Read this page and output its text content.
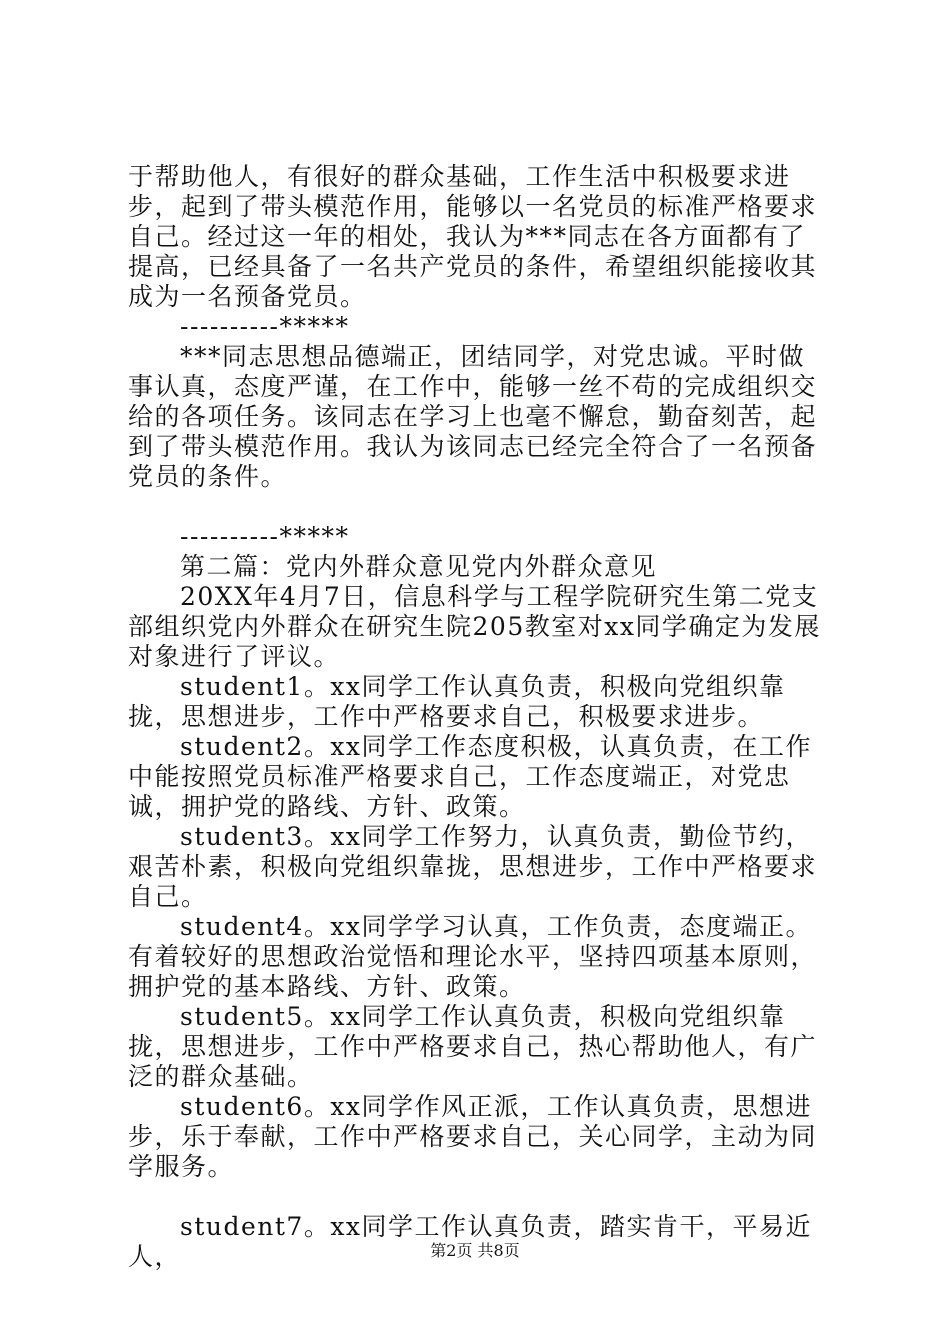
于帮助他人，有很好的群众基础，工作生活中积极要求进步，起到了带头模范作用，能够以一名党员的标准严格要求自己。经过这一年的相处，我认为***同志在各方面都有了提高，已经具备了一名共产党员的条件，希望组织能接收其成为一名预备党员。

----------*****

***同志思想品德端正，团结同学，对党忠诚。平时做事认真，态度严谨，在工作中，能够一丝不苟的完成组织交给的各项任务。该同志在学习上也毫不懈怠，勤奋刻苦，起到了带头模范作用。我认为该同志已经完全符合了一名预备党员的条件。

----------*****

第二篇：党内外群众意见党内外群众意见

20XX年4月7日，信息科学与工程学院研究生第二党支部组织党内外群众在研究生院205教室对xx同学确定为发展对象进行了评议。

student1。xx同学工作认真负责，积极向党组织靠拢，思想进步，工作中严格要求自己，积极要求进步。

student2。xx同学工作态度积极，认真负责，在工作中能按照党员标准严格要求自己，工作态度端正，对党忠诚，拥护党的路线、方针、政策。

student3。xx同学工作努力，认真负责，勤俭节约，艰苦朴素，积极向党组织靠拢，思想进步，工作中严格要求自己。

student4。xx同学学习认真，工作负责，态度端正。有着较好的思想政治觉悟和理论水平，坚持四项基本原则，拥护党的基本路线、方针、政策。

student5。xx同学工作认真负责，积极向党组织靠拢，思想进步，工作中严格要求自己，热心帮助他人，有广泛的群众基础。

student6。xx同学作风正派，工作认真负责，思想进步，乐于奉献，工作中严格要求自己，关心同学，主动为同学服务。

student7。xx同学工作认真负责，踏实肯干，平易近人，	第2页 共8页
